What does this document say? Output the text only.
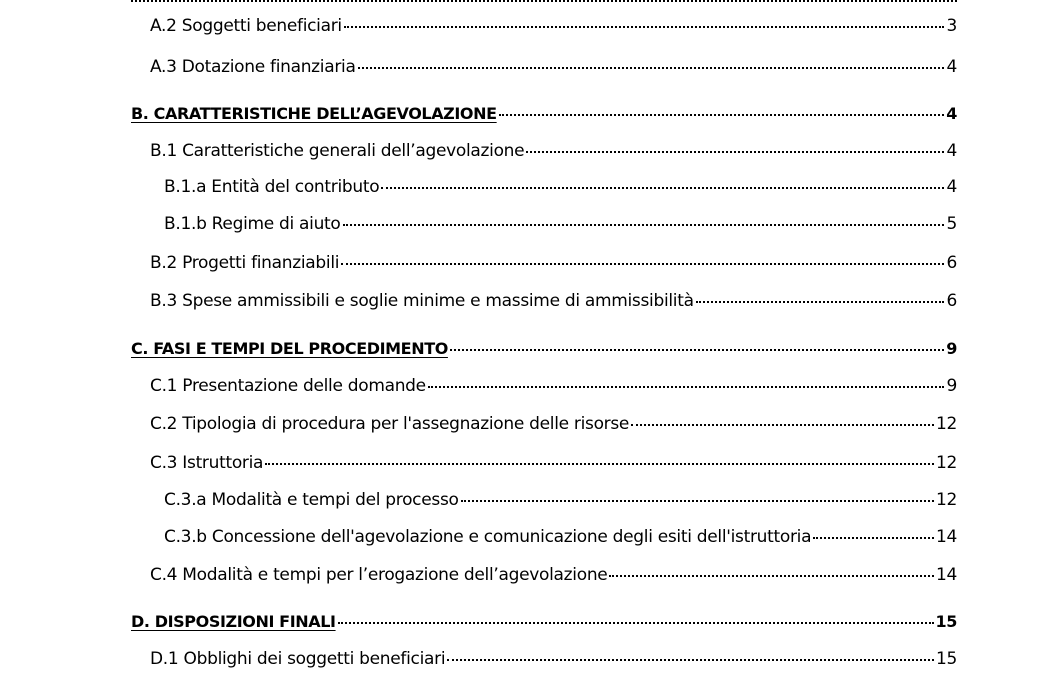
A.2 Soggetti beneficiari	3
A.3 Dotazione finanziaria	4
B. CARATTERISTICHE DELL’AGEVOLAZIONE	4
B.1 Caratteristiche generali dell’agevolazione	4
B.1.a Entità del contributo	4
B.1.b Regime di aiuto	5
B.2 Progetti finanziabili	6
B.3 Spese ammissibili e soglie minime e massime di ammissibilità	6
C. FASI E TEMPI DEL PROCEDIMENTO	9
C.1 Presentazione delle domande	9
C.2 Tipologia di procedura per l'assegnazione delle risorse	12
C.3 Istruttoria	12
C.3.a Modalità e tempi del processo	12
C.3.b Concessione dell'agevolazione e comunicazione degli esiti dell'istruttoria	14
C.4 Modalità e tempi per l’erogazione dell’agevolazione	14
D. DISPOSIZIONI FINALI	15
D.1 Obblighi dei soggetti beneficiari	15
